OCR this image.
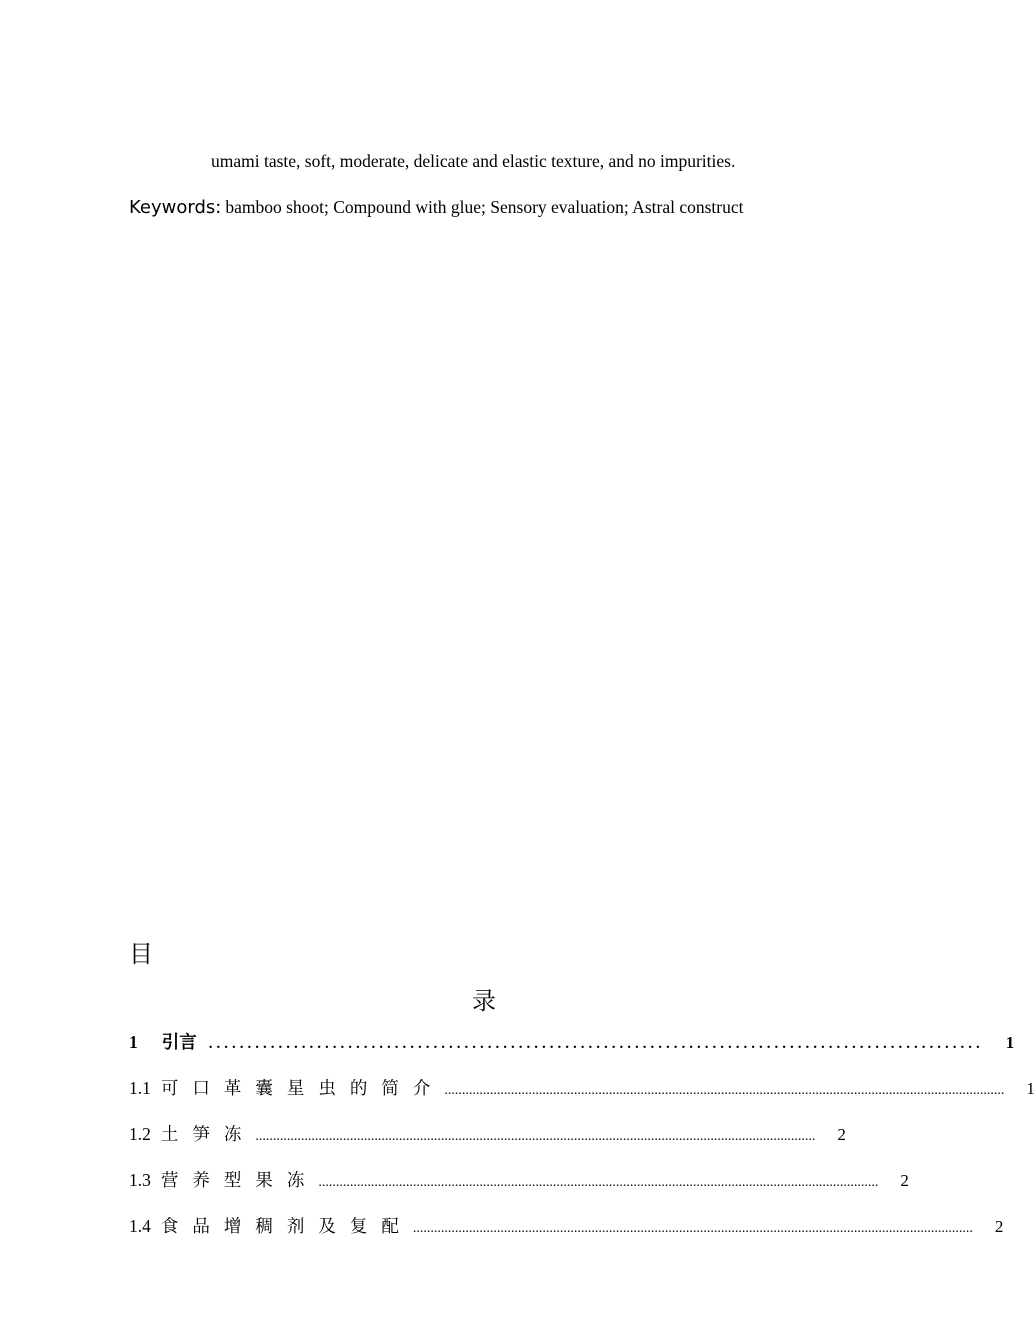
umami taste, soft, moderate, delicate and elastic texture, and no impurities.
Keywords: bamboo shoot; Compound with glue; Sensory evaluation; Astral construct
目
录
1 引 言 .................................................................................................... 1
1.1 可口革囊星虫的简介 ................................................................................................................................................................ 1
1.2 土笋冻 ................................................................................................................................................................ 2
1.3 营养型果冻 ................................................................................................................................................................ 2
1.4 食品增稠剂及复配 ................................................................................................................................................................ 2
